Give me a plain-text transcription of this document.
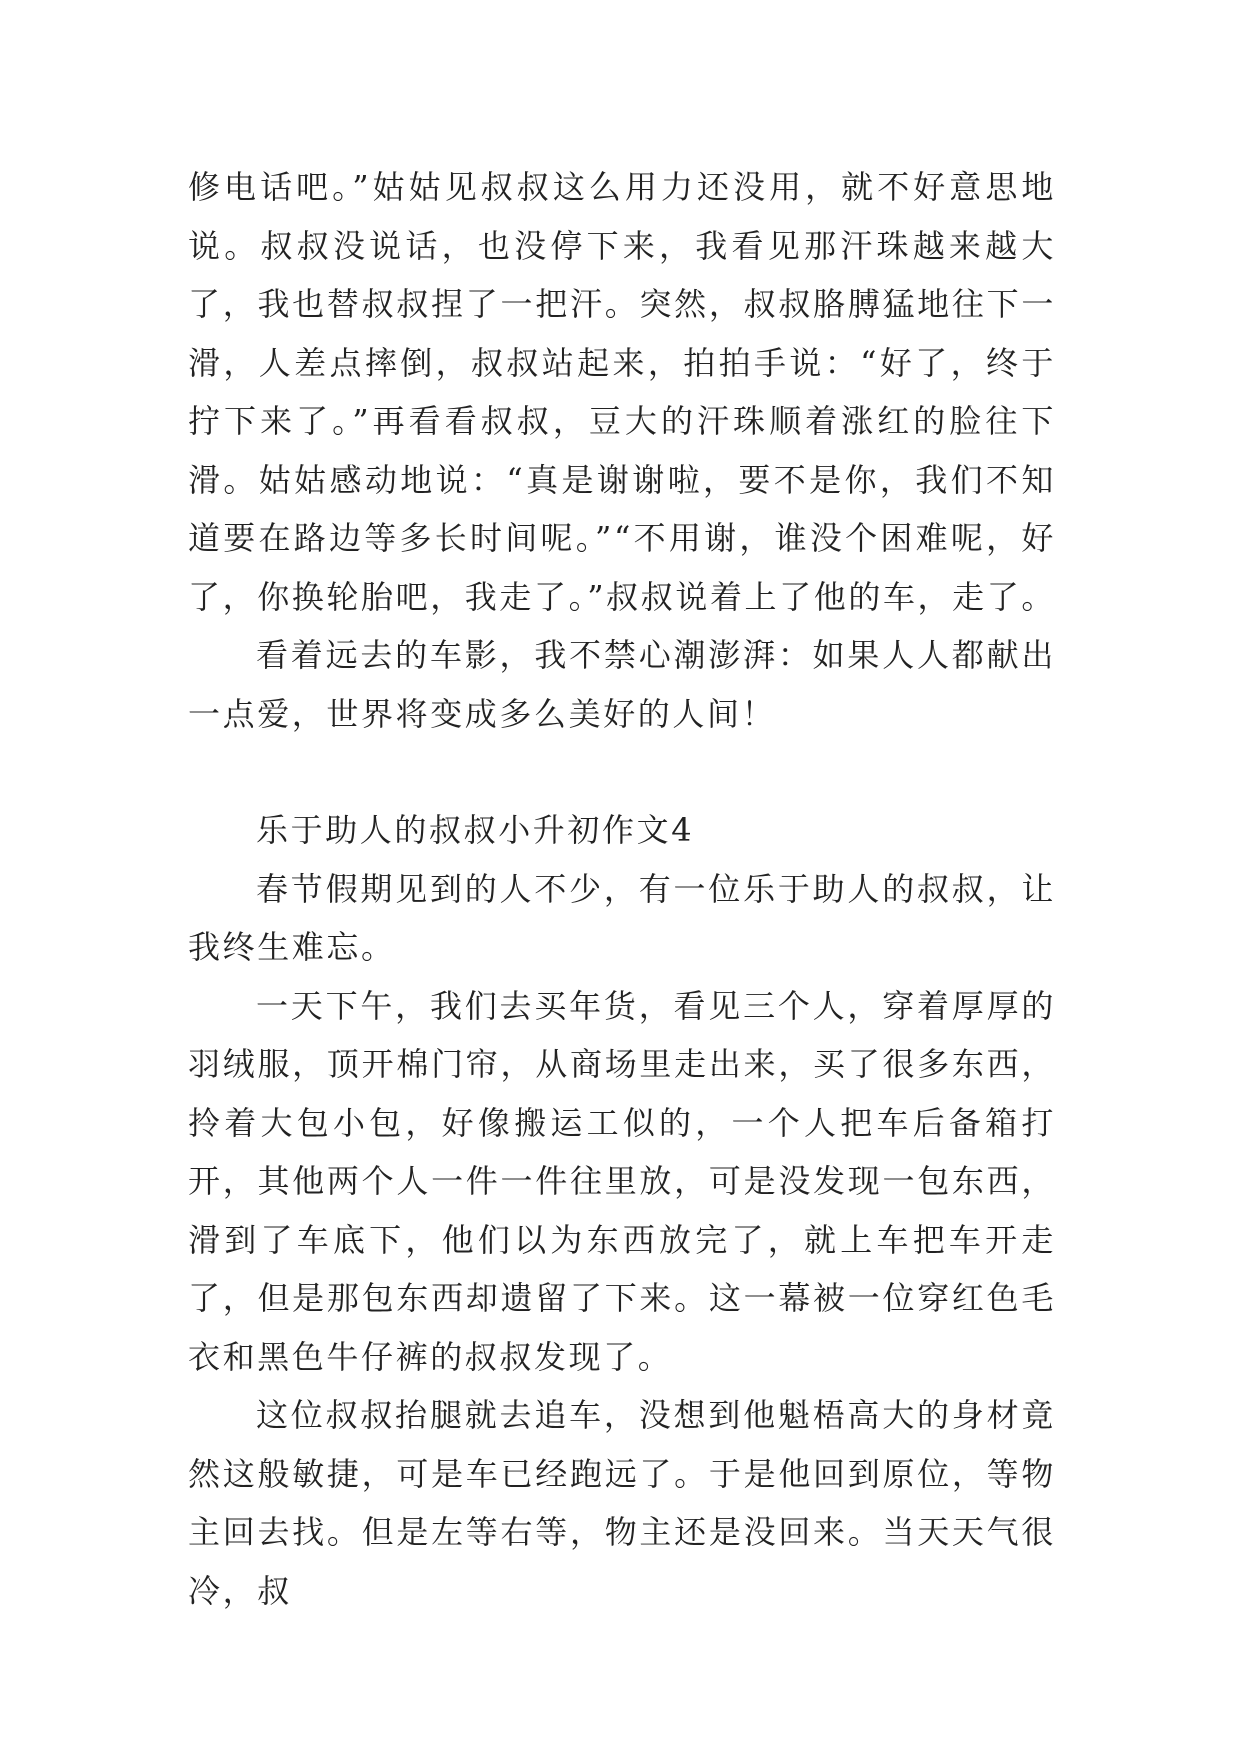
修电话吧。”姑姑见叔叔这么用力还没用，就不好意思地说。叔叔没说话，也没停下来，我看见那汗珠越来越大了，我也替叔叔捏了一把汗。突然，叔叔胳膊猛地往下一滑，人差点摔倒，叔叔站起来，拍拍手说：“好了，终于拧下来了。”再看看叔叔，豆大的汗珠顺着涨红的脸往下滑。姑姑感动地说：“真是谢谢啦，要不是你，我们不知道要在路边等多长时间呢。”“不用谢，谁没个困难呢，好了，你换轮胎吧，我走了。”叔叔说着上了他的车，走了。

看着远去的车影，我不禁心潮澎湃：如果人人都献出一点爱，世界将变成多么美好的人间！

乐于助人的叔叔小升初作文4

春节假期见到的人不少，有一位乐于助人的叔叔，让我终生难忘。

一天下午，我们去买年货，看见三个人，穿着厚厚的羽绒服，顶开棉门帘，从商场里走出来，买了很多东西，拎着大包小包，好像搬运工似的，一个人把车后备箱打开，其他两个人一件一件往里放，可是没发现一包东西，滑到了车底下，他们以为东西放完了，就上车把车开走了，但是那包东西却遗留了下来。这一幕被一位穿红色毛衣和黑色牛仔裤的叔叔发现了。

这位叔叔抬腿就去追车，没想到他魁梧高大的身材竟然这般敏捷，可是车已经跑远了。于是他回到原位，等物主回去找。但是左等右等，物主还是没回来。当天天气很冷，叔
